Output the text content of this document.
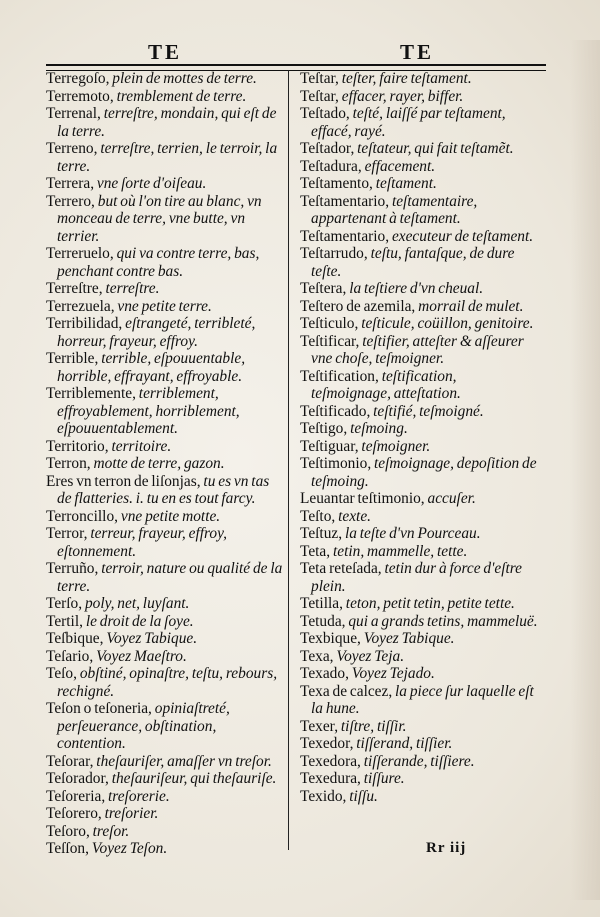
TE	TE

Terregoſo, plein de mottes de terre.

Terremoto, tremblement de terre.

Terrenal, terreſtre, mondain, qui eſt de la terre.

Terreno, terreſtre, terrien, le terroir, la terre.

Terrera, vne ſorte d'oiſeau.

Terrero, but où l'on tire au blanc, vn monceau de terre, vne butte, vn terrier.

Terreruelo, qui va contre terre, bas, penchant contre bas.

Terreſtre, terreſtre.

Terrezuela, vne petite terre.

Terribilidad, eſtrangeté, terribleté, horreur, frayeur, effroy.

Terrible, terrible, eſpouuentable, horrible, effrayant, effroyable.

Terriblemente, terriblement, effroyablement, horriblement, eſpouuentablement.

Territorio, territoire.

Terron, motte de terre, gazon.

Eres vn terron de liſonjas, tu es vn tas de flatteries. i. tu en es tout farcy.

Terroncillo, vne petite motte.

Terror, terreur, frayeur, effroy, eſtonnement.

Terruño, terroir, nature ou qualité de la terre.

Terſo, poly, net, luyſant.

Tertil, le droit de la ſoye.

Teſbique, Voyez Tabique.

Teſario, Voyez Maeſtro.

Teſo, obſtiné, opinaſtre, teſtu, rebours, rechigné.

Teſon o teſoneria, opiniaſtreté, perſeuerance, obſtination, contention.

Teſorar, theſauriſer, amaſſer vn treſor.

Teſorador, theſauriſeur, qui theſauriſe.

Teſoreria, treſorerie.

Teſorero, treſorier.

Teſoro, treſor.

Teſſon, Voyez Teſon.

Teſtar, teſter, faire teſtament.

Teſtar, effacer, rayer, biffer.

Teſtado, teſté, laiſſé par teſtament, effacé, rayé.

Teſtador, teſtateur, qui fait teſtamẽt.

Teſtadura, effacement.

Teſtamento, teſtament.

Teſtamentario, teſtamentaire, appartenant à teſtament.

Teſtamentario, executeur de teſtament.

Teſtarrudo, teſtu, fantaſque, de dure teſte.

Teſtera, la teſtiere d'vn cheual.

Teſtero de azemila, morrail de mulet.

Teſticulo, teſticule, coüillon, genitoire.

Teſtificar, teſtifier, atteſter & aſſeurer vne choſe, teſmoigner.

Teſtification, teſtification, teſmoignage, atteſtation.

Teſtificado, teſtifié, teſmoigné.

Teſtigo, teſmoing.

Teſtiguar, teſmoigner.

Teſtimonio, teſmoignage, depoſition de teſmoing.

Leuantar teſtimonio, accuſer.

Teſto, texte.

Teſtuz, la teſte d'vn Pourceau.

Teta, tetin, mammelle, tette.

Teta reteſada, tetin dur à force d'eſtre plein.

Tetilla, teton, petit tetin, petite tette.

Tetuda, qui a grands tetins, mammeluë.

Texbique, Voyez Tabique.

Texa, Voyez Teja.

Texado, Voyez Tejado.

Texa de calcez, la piece ſur laquelle eſt la hune.

Texer, tiſtre, tiſſir.

Texedor, tiſſerand, tiſſier.

Texedora, tiſſerande, tiſſiere.

Texedura, tiſſure.

Texido, tiſſu.

Rr iij
